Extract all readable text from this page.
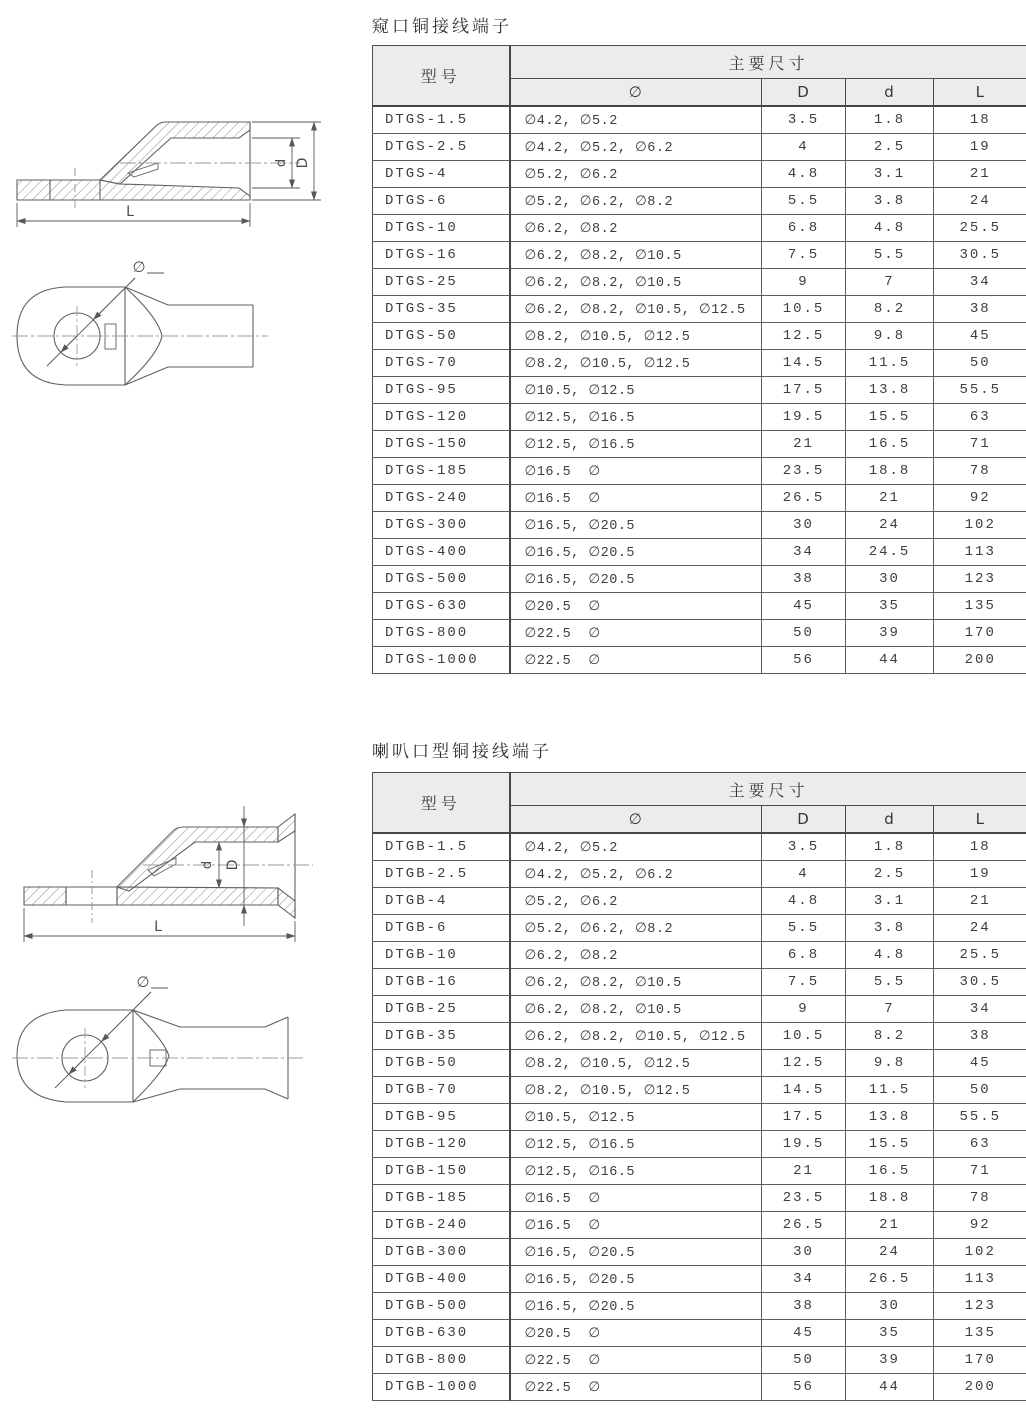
d D
L
∅
d D
L
∅
窥口铜接线端子
喇叭口型铜接线端子
型号	主要尺寸			
	∅	D	d	L
DTGS-1.5	∅4.2, ∅5.2	3.5	1.8	18
DTGS-2.5	∅4.2, ∅5.2, ∅6.2	4	2.5	19
DTGS-4	∅5.2, ∅6.2	4.8	3.1	21
DTGS-6	∅5.2, ∅6.2, ∅8.2	5.5	3.8	24
DTGS-10	∅6.2, ∅8.2	6.8	4.8	25.5
DTGS-16	∅6.2, ∅8.2, ∅10.5	7.5	5.5	30.5
DTGS-25	∅6.2, ∅8.2, ∅10.5	9	7	34
DTGS-35	∅6.2, ∅8.2, ∅10.5, ∅12.5	10.5	8.2	38
DTGS-50	∅8.2, ∅10.5, ∅12.5	12.5	9.8	45
DTGS-70	∅8.2, ∅10.5, ∅12.5	14.5	11.5	50
DTGS-95	∅10.5, ∅12.5	17.5	13.8	55.5
DTGS-120	∅12.5, ∅16.5	19.5	15.5	63
DTGS-150	∅12.5, ∅16.5	21	16.5	71
DTGS-185	∅16.5  ∅	23.5	18.8	78
DTGS-240	∅16.5  ∅	26.5	21	92
DTGS-300	∅16.5, ∅20.5	30	24	102
DTGS-400	∅16.5, ∅20.5	34	24.5	113
DTGS-500	∅16.5, ∅20.5	38	30	123
DTGS-630	∅20.5  ∅	45	35	135
DTGS-800	∅22.5  ∅	50	39	170
DTGS-1000	∅22.5  ∅	56	44	200
型号	主要尺寸			
	∅	D	d	L
DTGB-1.5	∅4.2, ∅5.2	3.5	1.8	18
DTGB-2.5	∅4.2, ∅5.2, ∅6.2	4	2.5	19
DTGB-4	∅5.2, ∅6.2	4.8	3.1	21
DTGB-6	∅5.2, ∅6.2, ∅8.2	5.5	3.8	24
DTGB-10	∅6.2, ∅8.2	6.8	4.8	25.5
DTGB-16	∅6.2, ∅8.2, ∅10.5	7.5	5.5	30.5
DTGB-25	∅6.2, ∅8.2, ∅10.5	9	7	34
DTGB-35	∅6.2, ∅8.2, ∅10.5, ∅12.5	10.5	8.2	38
DTGB-50	∅8.2, ∅10.5, ∅12.5	12.5	9.8	45
DTGB-70	∅8.2, ∅10.5, ∅12.5	14.5	11.5	50
DTGB-95	∅10.5, ∅12.5	17.5	13.8	55.5
DTGB-120	∅12.5, ∅16.5	19.5	15.5	63
DTGB-150	∅12.5, ∅16.5	21	16.5	71
DTGB-185	∅16.5  ∅	23.5	18.8	78
DTGB-240	∅16.5  ∅	26.5	21	92
DTGB-300	∅16.5, ∅20.5	30	24	102
DTGB-400	∅16.5, ∅20.5	34	26.5	113
DTGB-500	∅16.5, ∅20.5	38	30	123
DTGB-630	∅20.5  ∅	45	35	135
DTGB-800	∅22.5  ∅	50	39	170
DTGB-1000	∅22.5  ∅	56	44	200
